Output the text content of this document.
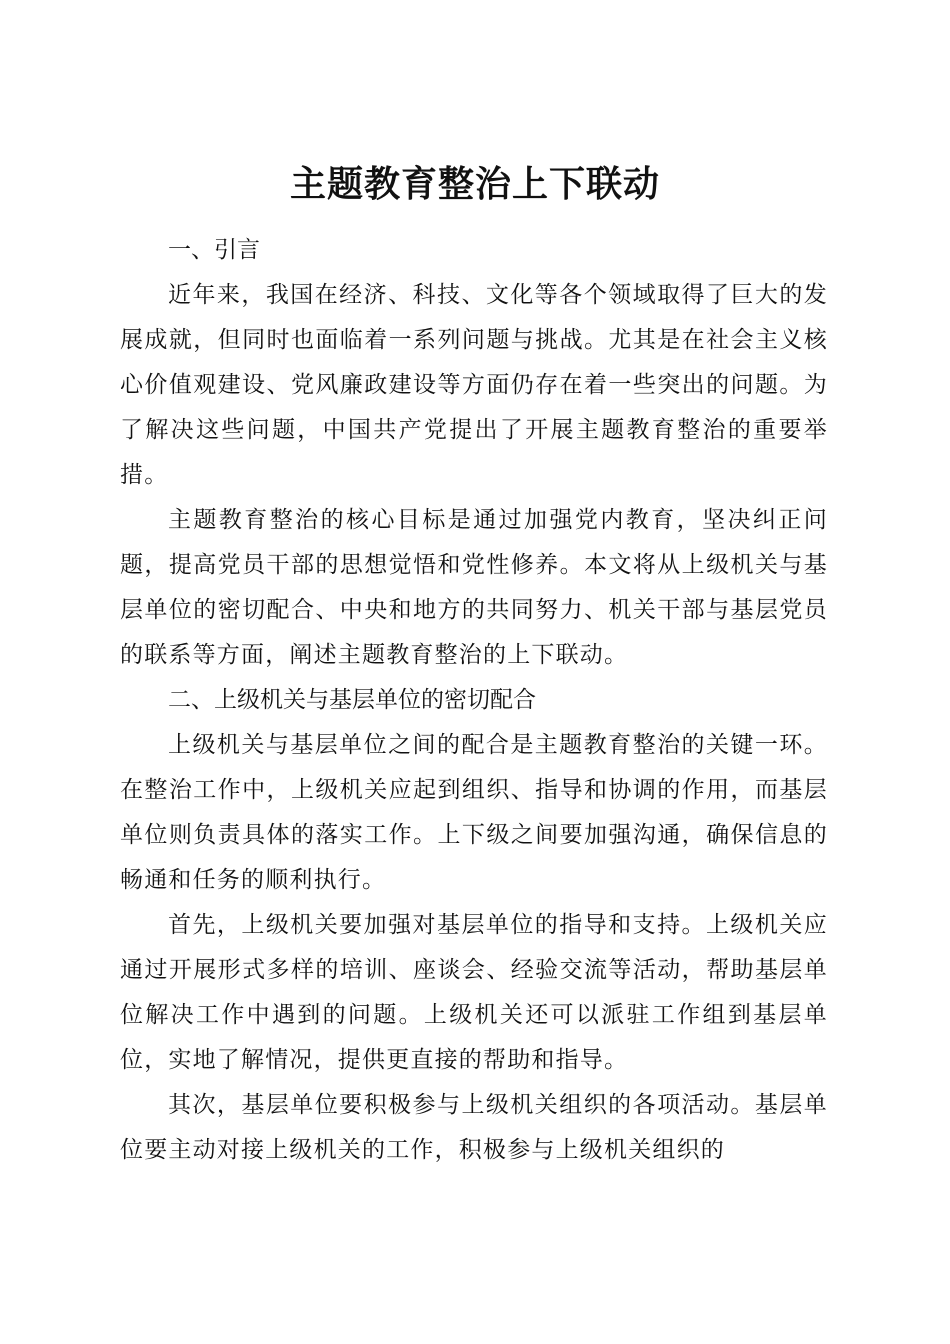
主题教育整治上下联动
一、引言

近年来，我国在经济、科技、文化等各个领域取得了巨大的发展成就，但同时也面临着一系列问题与挑战。尤其是在社会主义核心价值观建设、党风廉政建设等方面仍存在着一些突出的问题。为了解决这些问题，中国共产党提出了开展主题教育整治的重要举措。

主题教育整治的核心目标是通过加强党内教育，坚决纠正问题，提高党员干部的思想觉悟和党性修养。本文将从上级机关与基层单位的密切配合、中央和地方的共同努力、机关干部与基层党员的联系等方面，阐述主题教育整治的上下联动。

二、上级机关与基层单位的密切配合

上级机关与基层单位之间的配合是主题教育整治的关键一环。在整治工作中，上级机关应起到组织、指导和协调的作用，而基层单位则负责具体的落实工作。上下级之间要加强沟通，确保信息的畅通和任务的顺利执行。

首先，上级机关要加强对基层单位的指导和支持。上级机关应通过开展形式多样的培训、座谈会、经验交流等活动，帮助基层单位解决工作中遇到的问题。上级机关还可以派驻工作组到基层单位，实地了解情况，提供更直接的帮助和指导。

其次，基层单位要积极参与上级机关组织的各项活动。基层单位要主动对接上级机关的工作，积极参与上级机关组织的
